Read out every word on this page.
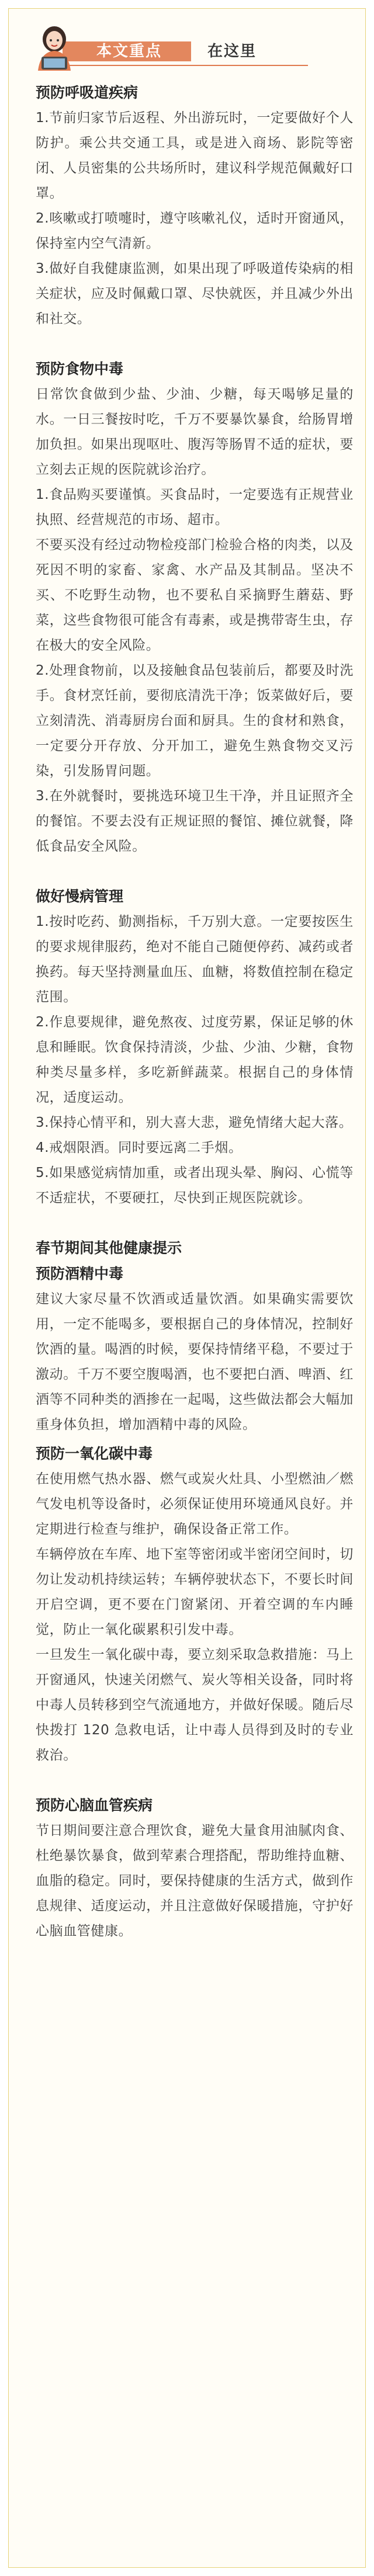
本文重点	在这里

预防呼吸道疾病

1.节前归家节后返程、外出游玩时，一定要做好个人防护。乘公共交通工具，或是进入商场、影院等密闭、人员密集的公共场所时，建议科学规范佩戴好口罩。

2.咳嗽或打喷嚏时，遵守咳嗽礼仪，适时开窗通风，保持室内空气清新。

3.做好自我健康监测，如果出现了呼吸道传染病的相关症状，应及时佩戴口罩、尽快就医，并且减少外出和社交。

预防食物中毒

日常饮食做到少盐、少油、少糖，每天喝够足量的水。一日三餐按时吃，千万不要暴饮暴食，给肠胃增加负担。如果出现呕吐、腹泻等肠胃不适的症状，要立刻去正规的医院就诊治疗。

1.食品购买要谨慎。买食品时，一定要选有正规营业执照、经营规范的市场、超市。

不要买没有经过动物检疫部门检验合格的肉类，以及死因不明的家畜、家禽、水产品及其制品。坚决不买、不吃野生动物，也不要私自采摘野生蘑菇、野菜，这些食物很可能含有毒素，或是携带寄生虫，存在极大的安全风险。

2.处理食物前，以及接触食品包装前后，都要及时洗手。食材烹饪前，要彻底清洗干净；饭菜做好后，要立刻清洗、消毒厨房台面和厨具。生的食材和熟食，一定要分开存放、分开加工，避免生熟食物交叉污染，引发肠胃问题。

3.在外就餐时，要挑选环境卫生干净，并且证照齐全的餐馆。不要去没有正规证照的餐馆、摊位就餐，降低食品安全风险。

做好慢病管理

1.按时吃药、勤测指标，千万别大意。一定要按医生的要求规律服药，绝对不能自己随便停药、减药或者换药。每天坚持测量血压、血糖，将数值控制在稳定范围。

2.作息要规律，避免熬夜、过度劳累，保证足够的休息和睡眠。饮食保持清淡，少盐、少油、少糖，食物种类尽量多样，多吃新鲜蔬菜。根据自己的身体情况，适度运动。

3.保持心情平和，别大喜大悲，避免情绪大起大落。

4.戒烟限酒。同时要远离二手烟。

5.如果感觉病情加重，或者出现头晕、胸闷、心慌等不适症状，不要硬扛，尽快到正规医院就诊。

春节期间其他健康提示

预防酒精中毒

建议大家尽量不饮酒或适量饮酒。如果确实需要饮用，一定不能喝多，要根据自己的身体情况，控制好饮酒的量。喝酒的时候，要保持情绪平稳，不要过于激动。千万不要空腹喝酒，也不要把白酒、啤酒、红酒等不同种类的酒掺在一起喝，这些做法都会大幅加重身体负担，增加酒精中毒的风险。

预防一氧化碳中毒

在使用燃气热水器、燃气或炭火灶具、小型燃油／燃气发电机等设备时，必须保证使用环境通风良好。并定期进行检查与维护，确保设备正常工作。

车辆停放在车库、地下室等密闭或半密闭空间时，切勿让发动机持续运转；车辆停驶状态下，不要长时间开启空调，更不要在门窗紧闭、开着空调的车内睡觉，防止一氧化碳累积引发中毒。

一旦发生一氧化碳中毒，要立刻采取急救措施：马上开窗通风，快速关闭燃气、炭火等相关设备，同时将中毒人员转移到空气流通地方，并做好保暖。随后尽快拨打 120 急救电话，让中毒人员得到及时的专业救治。

预防心脑血管疾病

节日期间要注意合理饮食，避免大量食用油腻肉食、杜绝暴饮暴食，做到荤素合理搭配，帮助维持血糖、血脂的稳定。同时，要保持健康的生活方式，做到作息规律、适度运动，并且注意做好保暖措施，守护好心脑血管健康。
